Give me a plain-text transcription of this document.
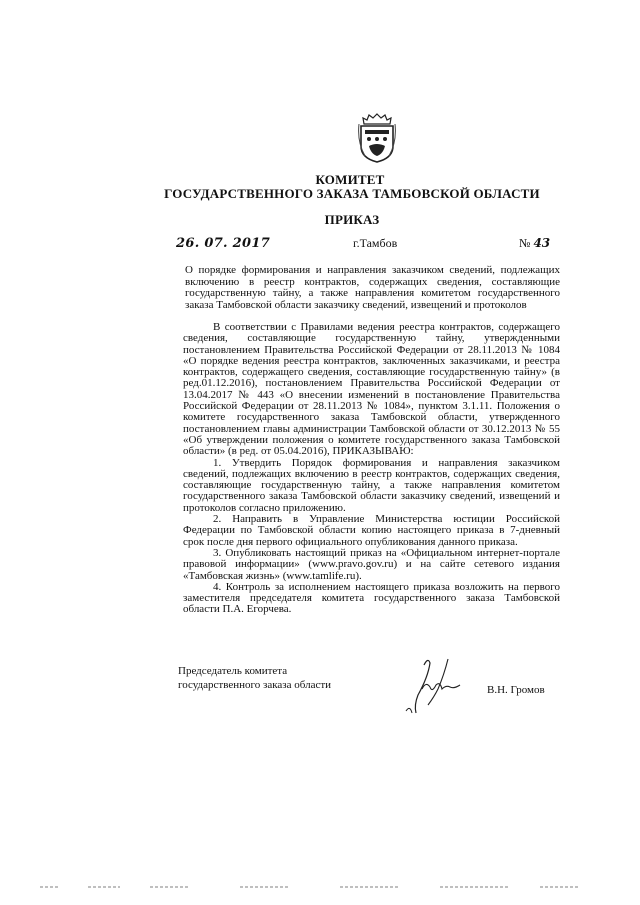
КОМИТЕТ
ГОСУДАРСТВЕННОГО ЗАКАЗА ТАМБОВСКОЙ ОБЛАСТИ
ПРИКАЗ
26. 07. 2017	г.Тамбов	№ 43
О порядке формирования и направления заказчиком сведений, подлежащих включению в реестр контрактов, содержащих сведения, составляющие государственную тайну, а также направления комитетом государственного заказа Тамбовской области заказчику сведений, извещений и протоколов

В соответствии с Правилами ведения реестра контрактов, содержащего сведения, составляющие государственную тайну, утвержденными постановлением Правительства Российской Федерации от 28.11.2013 № 1084 «О порядке ведения реестра контрактов, заключенных заказчиками, и реестра контрактов, содержащего сведения, составляющие государственную тайну» (в ред.01.12.2016), постановлением Правительства Российской Федерации от 13.04.2017 № 443 «О внесении изменений в постановление Правительства Российской Федерации от 28.11.2013 № 1084», пунктом 3.1.11. Положения о комитете государственного заказа Тамбовской области, утвержденного постановлением главы администрации Тамбовской области от 30.12.2013 № 55 «Об утверждении положения о комитете государственного заказа Тамбовской области» (в ред. от 05.04.2016), ПРИКАЗЫВАЮ:

1. Утвердить Порядок формирования и направления заказчиком сведений, подлежащих включению в реестр контрактов, содержащих сведения, составляющие государственную тайну, а также направления комитетом государственного заказа Тамбовской области заказчику сведений, извещений и протоколов согласно приложению.

2. Направить в Управление Министерства юстиции Российской Федерации по Тамбовской области копию настоящего приказа в 7-дневный срок после дня первого официального опубликования данного приказа.

3. Опубликовать настоящий приказ на «Официальном интернет-портале правовой информации» (www.pravo.gov.ru) и на сайте сетевого издания «Тамбовская жизнь» (www.tamlife.ru).

4. Контроль за исполнением настоящего приказа возложить на первого заместителя председателя комитета государственного заказа Тамбовской области П.А. Егорчева.

Председатель комитета
государственного заказа области	В.Н. Громов
